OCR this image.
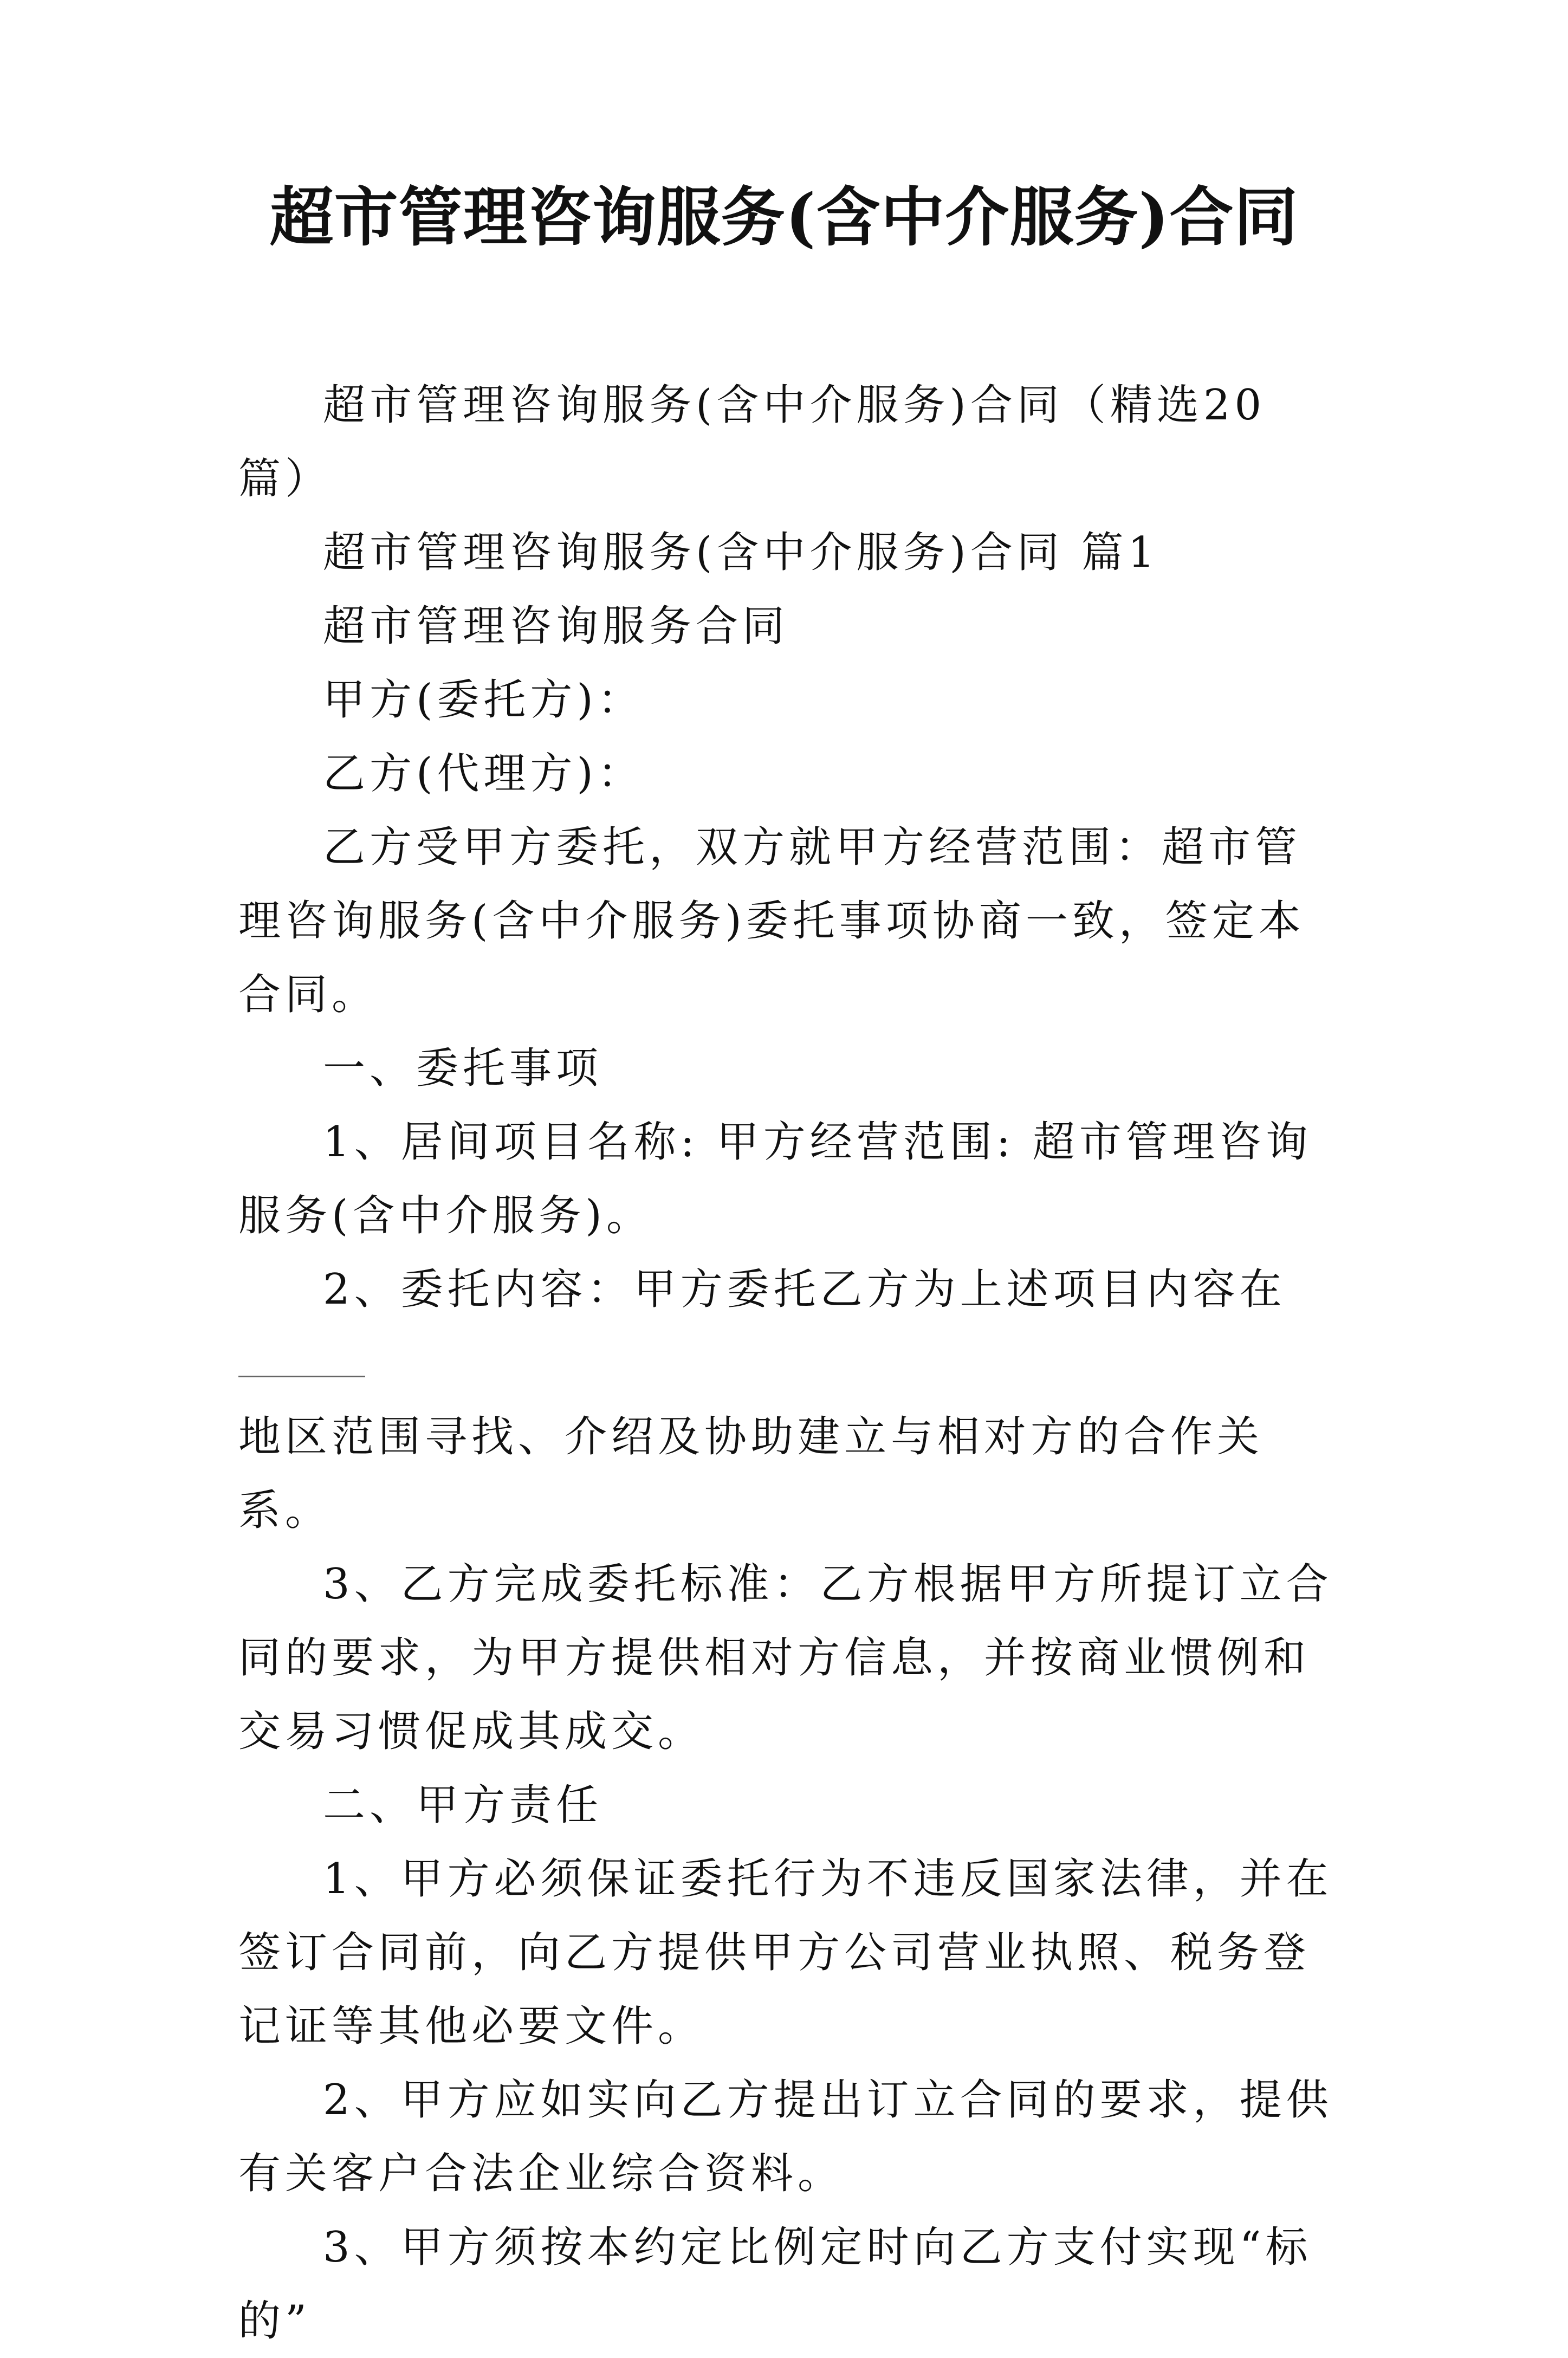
超市管理咨询服务(含中介服务)合同

超市管理咨询服务(含中介服务)合同（精选20篇）

超市管理咨询服务(含中介服务)合同 篇1

超市管理咨询服务合同

甲方(委托方)：

乙方(代理方)：

乙方受甲方委托，双方就甲方经营范围：超市管理咨询服务(含中介服务)委托事项协商一致，签定本合同。

一、委托事项

1、居间项目名称: 甲方经营范围: 超市管理咨询服务(含中介服务)。

2、委托内容：甲方委托乙方为上述项目内容在

地区范围寻找、介绍及协助建立与相对方的合作关系。

3、乙方完成委托标准：乙方根据甲方所提订立合同的要求，为甲方提供相对方信息，并按商业惯例和交易习惯促成其成交。

二、甲方责任

1、甲方必须保证委托行为不违反国家法律，并在签订合同前，向乙方提供甲方公司营业执照、税务登记证等其他必要文件。

2、甲方应如实向乙方提出订立合同的要求，提供有关客户合法企业综合资料。

3、甲方须按本约定比例定时向乙方支付实现“标的”
